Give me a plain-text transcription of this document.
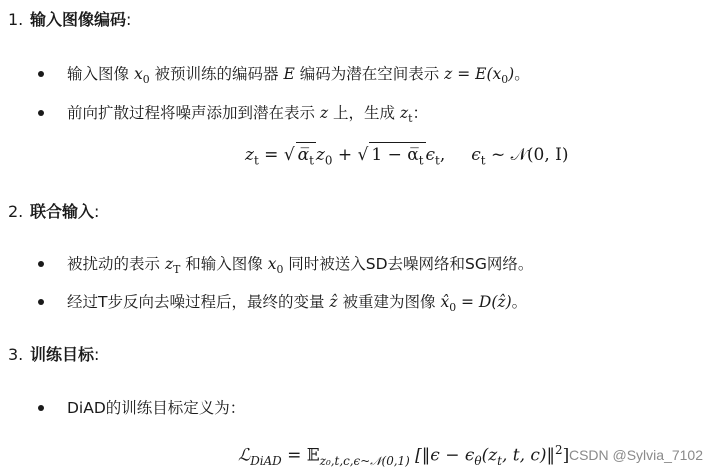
1. 输入图像编码:
输入图像 $x_0$ 被预训练的编码器 E 编码为潜在空间表示 $z = E(x_0)$。
前向扩散过程将噪声添加到潜在表示 z 上，生成 $z_t$：
$z_t$ = √ $\alpha̅_t$ $z_0$ + √ $1 - \alpha̅_t$ $\epsilon_t$, $\epsilon_t$ ~ 𝒩(0, I)
2. 联合输入:
被扰动的表示 $z_T$ 和输入图像 $x_0$ 同时被送入SD去噪网络和SG网络。
经过T步反向去噪过程后，最终的变量 ẑ 被重建为图像 $x̂_0$ = D(ẑ)。
3. 训练目标:
DiAD的训练目标定义为：
ℒ$_{DiAD}$ = 𝔼$_{z_0,t,c,\epsilon\sim 𝒩(0,1)}$ [‖ϵ − $\epsilon_\theta(z_t$, t, c)‖$^2$] CSDN @Sylvia_7102
